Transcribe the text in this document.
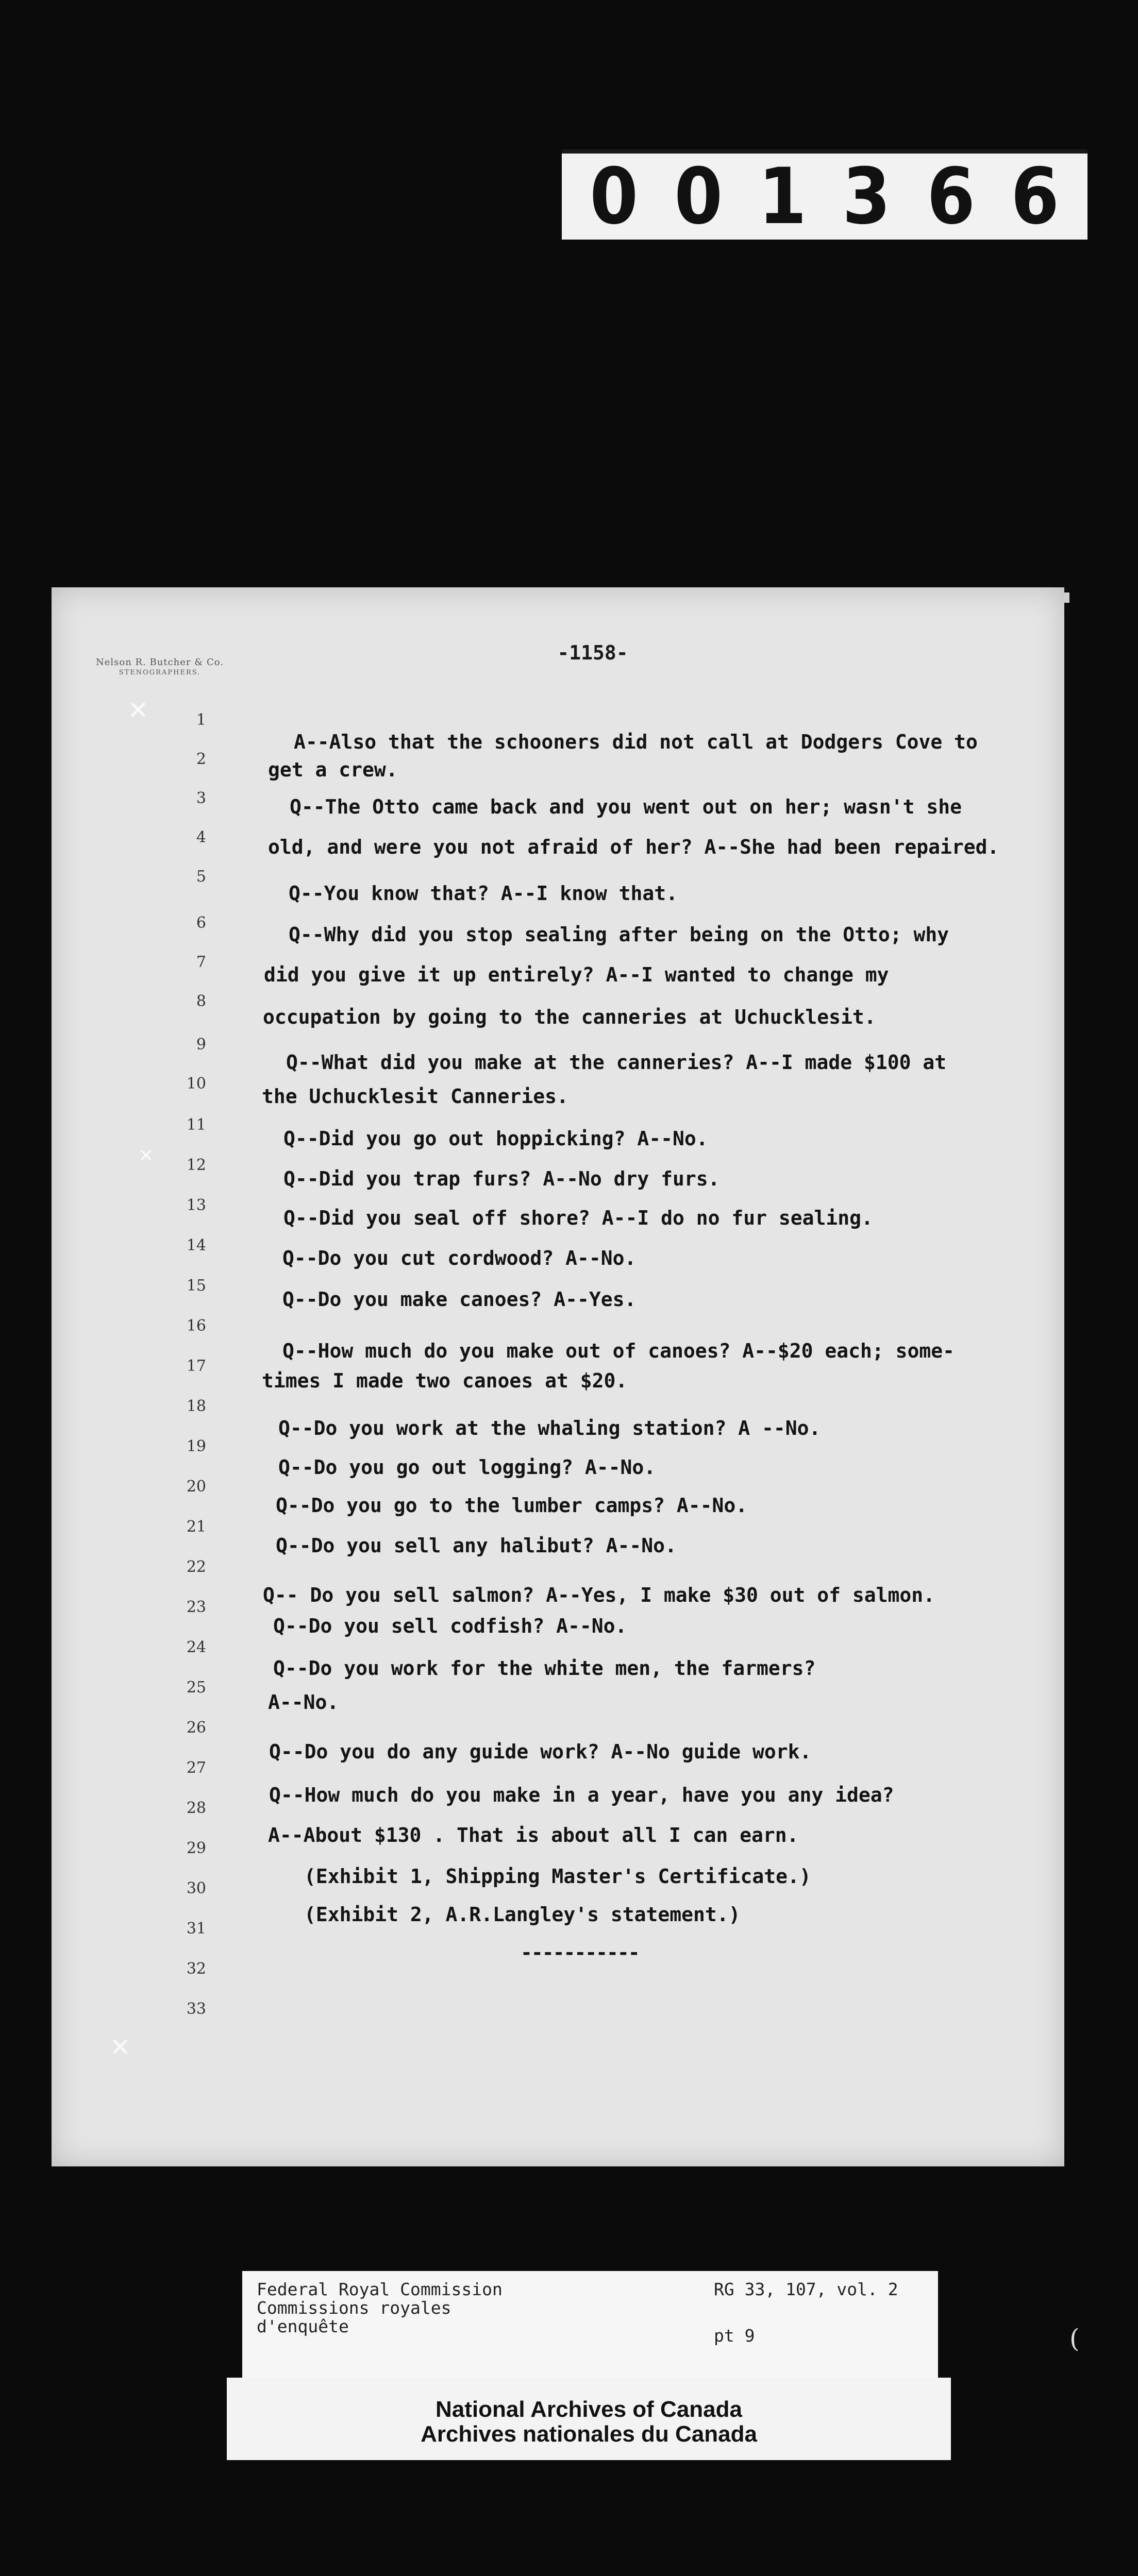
0 0 1 3 6 6
Nelson R. Butcher & Co.
STENOGRAPHERS.
-1158-
✕
✕
✕
1
2
3
4
5
6
7
8
9
10
11
12
13
14
15
16
17
18
19
20
21
22
23
24
25
26
27
28
29
30
31
32
33
A--Also that the schooners did not call at Dodgers Cove to
get a crew.
Q--The Otto came back and you went out on her; wasn't she
old, and were you not afraid of her? A--She had been repaired.
Q--You know that? A--I know that.
Q--Why did you stop sealing after being on the Otto; why
did you give it up entirely? A--I wanted to change my
occupation by going to the canneries at Uchucklesit.
Q--What did you make at the canneries? A--I made $100 at
the Uchucklesit Canneries.
Q--Did you go out hoppicking? A--No.
Q--Did you trap furs? A--No dry furs.
Q--Did you seal off shore? A--I do no fur sealing.
Q--Do you cut cordwood? A--No.
Q--Do you make canoes? A--Yes.
Q--How much do you make out of canoes? A--$20 each; some-
times I made two canoes at $20.
Q--Do you work at the whaling station? A --No.
Q--Do you go out logging? A--No.
Q--Do you go to the lumber camps? A--No.
Q--Do you sell any halibut? A--No.
Q-- Do you sell salmon? A--Yes, I make $30 out of salmon.
Q--Do you sell codfish? A--No.
Q--Do you work for the white men, the farmers?
A--No.
Q--Do you do any guide work? A--No guide work.
Q--How much do you make in a year, have you any idea?
A--About $130 . That is about all I can earn.
(Exhibit 1, Shipping Master's Certificate.)
(Exhibit 2, A.R.Langley's statement.)
-----------
Federal Royal Commission
Commissions royales
d'enquête
RG 33, 107, vol. 2
pt 9
National Archives of Canada
Archives nationales du Canada
(
